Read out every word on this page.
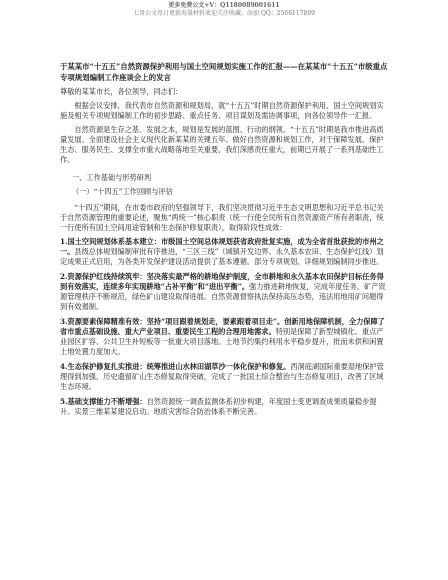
更多免费公文+V：Q1180089001611
七哥公文母日更新海量材料欢迎关注收藏。添加 QQ：2566117809
于某某市“十五五”自然资源保护利用与国土空间规划实施工作的汇报——在某某市“十五五”市级重点专项规划编制工作座谈会上的发言

尊敬的某某市长，各位领导，同志们：

根据会议安排，我代表市自然资源和规划局，就“十五五”时期自然资源保护利用、国土空间规划实施及相关专项规划编制工作的初步思路、重点任务、项目谋划及需协调事项，向各位领导作一汇报。

自然资源是生存之基、发展之本，规划是发展的蓝图、行动的纲领。“十五五”时期是我市推进高质量发展、全面建设社会主义现代化新某某的关键五年。做好自然资源和规划工作，对于保障发展、保护生态、服务民生、支撑全市重大战略落地至关重要，我们深感责任重大，前期已开展了一系列基础性工作。

一、工作基础与形势研判
（一）“十四五”工作回顾与评估

“十四五”期间，在市委市政府的坚强领导下，我们坚决贯彻习近平生态文明思想和习近平总书记关于自然资源管理的重要论述，聚焦“两统一”核心职责（统一行使全民所有自然资源资产所有者职责，统一行使所有国土空间用途管制和生态保护修复职责），取得阶段性成效：

1.国土空间规划体系基本建立：市级国土空间总体规划获省政府批复实施，成为全省首批获批的市州之一。县级总体规划编制审批有序推进，“三区三线”（城镇开发边界、永久基本农田、生态保护红线）划定成果正式启用，为各类开发保护建设活动提供了基本遵循。部分专项规划、详细规划编制同步推进。
2.资源保护红线持续筑牢：坚决落实最严格的耕地保护制度，全市耕地和永久基本农田保护目标任务得到有效落实，连续多年实现耕地“占补平衡”和“进出平衡”。强力推进耕地恢复，完成年度任务。矿产资源管理秩序不断规范，绿色矿山建设取得进展。自然资源督察执法保持高压态势，违法用地用矿问题得到有效遏制。
3.资源要素保障精准有效：坚持“项目跟着规划走，要素跟着项目走”。创新用地保障机制，全力保障了省市重点基础设施、重大产业项目、重要民生工程的合理用地需求。特别是保障了新型城镇化、重点产业园区扩容、公共卫生补短板等一批重大项目落地。土地节约集约利用水平稳步提升，批而未供和闲置土地处置力度加大。
4.生态保护修复扎实推进：统筹推进山水林田湖草沙一体化保护和修复。西洞庭湖国际重要湿地保护管理得到加强，历史遗留矿山生态修复取得突破，完成了一批国土综合整治与生态修复项目，改善了区域生态环境。
5.基础支撑能力不断增强：自然资源统一调查监测体系初步构建，年度国土变更调查成果质量稳步提升。实景三维某某建设启动。地质灾害综合防治体系不断完善。
